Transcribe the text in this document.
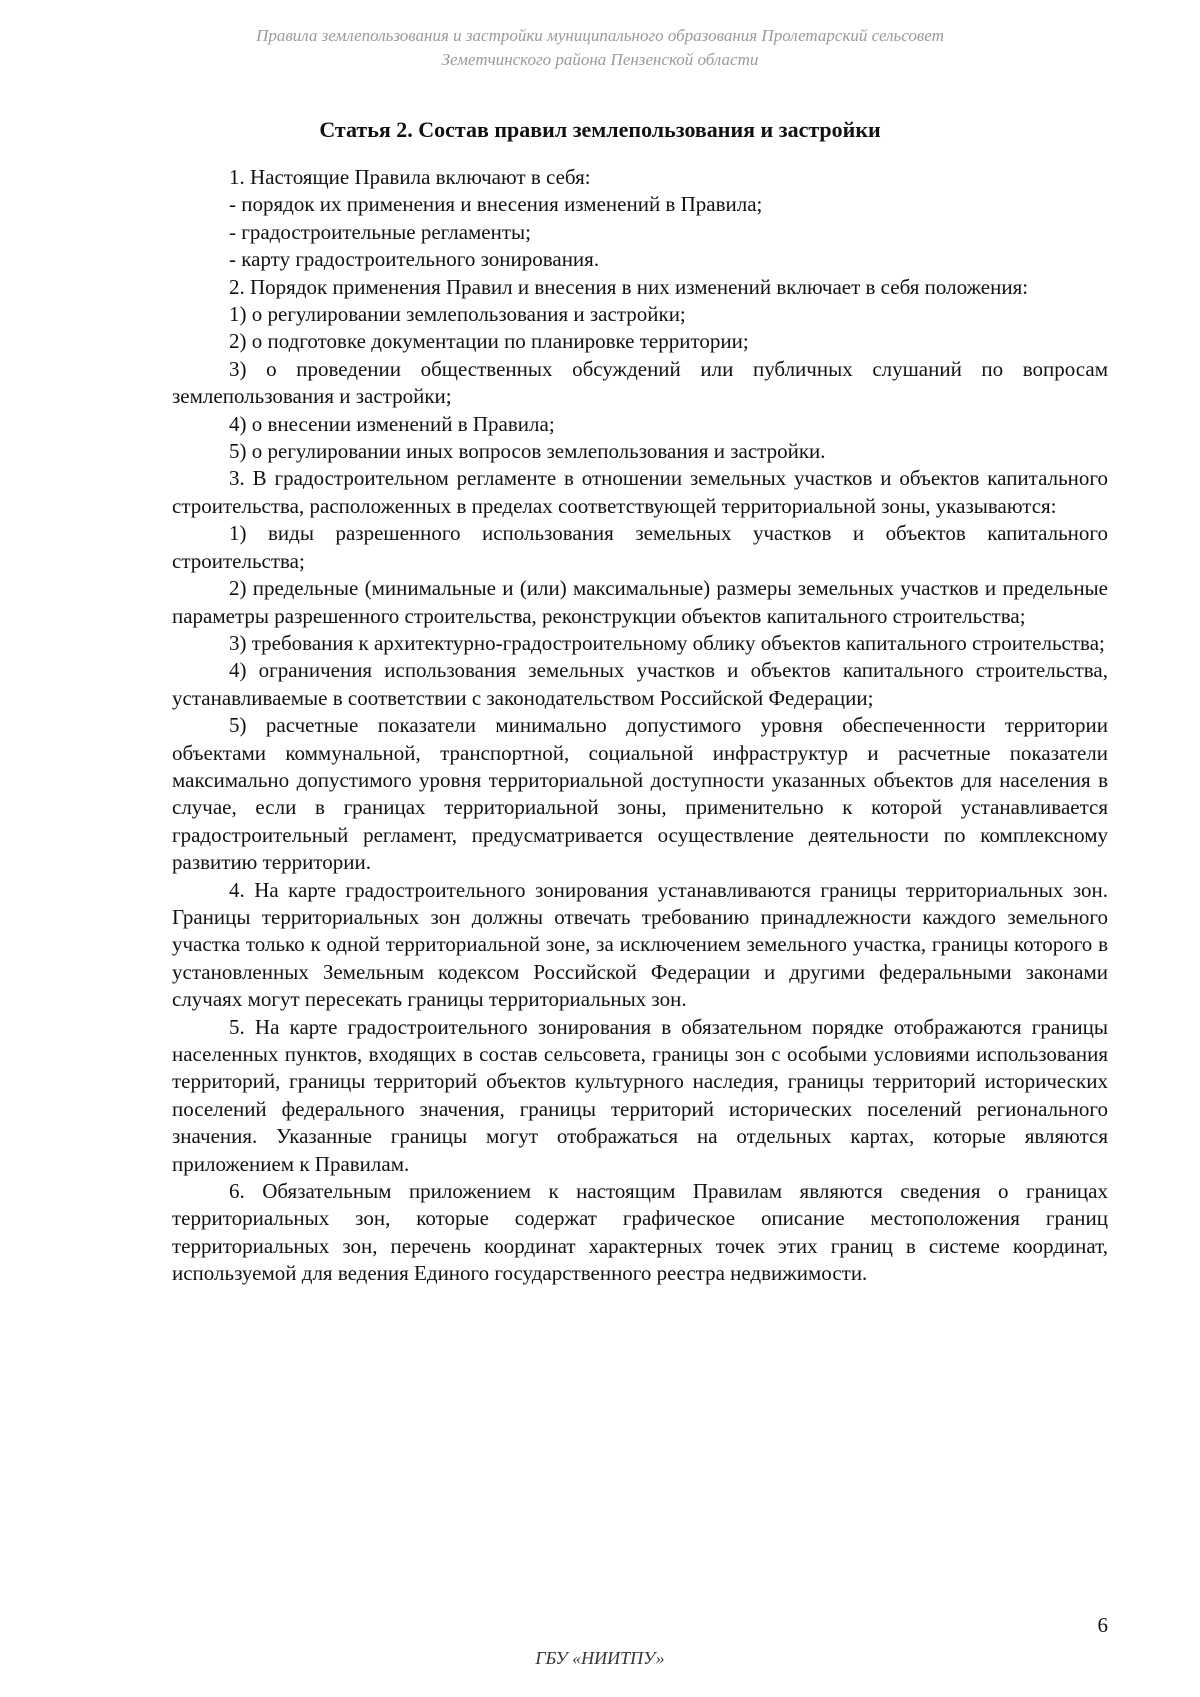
Правила землепользования и застройки муниципального образования Пролетарский сельсовет
Земетчинского района Пензенской области
Статья 2. Состав правил землепользования и застройки

1. Настоящие Правила включают в себя:

- порядок их применения и внесения изменений в Правила;

- градостроительные регламенты;

- карту градостроительного зонирования.

2. Порядок применения Правил и внесения в них изменений включает в себя положения:

1) о регулировании землепользования и застройки;

2) о подготовке документации по планировке территории;

3) о проведении общественных обсуждений или публичных слушаний по вопросам землепользования и застройки;

4) о внесении изменений в Правила;

5) о регулировании иных вопросов землепользования и застройки.

3. В градостроительном регламенте в отношении земельных участков и объектов капитального строительства, расположенных в пределах соответствующей территориальной зоны, указываются:

1) виды разрешенного использования земельных участков и объектов капитального строительства;

2) предельные (минимальные и (или) максимальные) размеры земельных участков и предельные параметры разрешенного строительства, реконструкции объектов капитального строительства;

3) требования к архитектурно-градостроительному облику объектов капитального строительства;

4) ограничения использования земельных участков и объектов капитального строительства, устанавливаемые в соответствии с законодательством Российской Федерации;

5) расчетные показатели минимально допустимого уровня обеспеченности территории объектами коммунальной, транспортной, социальной инфраструктур и расчетные показатели максимально допустимого уровня территориальной доступности указанных объектов для населения в случае, если в границах территориальной зоны, применительно к которой устанавливается градостроительный регламент, предусматривается осуществление деятельности по комплексному развитию территории.

4. На карте градостроительного зонирования устанавливаются границы территориальных зон. Границы территориальных зон должны отвечать требованию принадлежности каждого земельного участка только к одной территориальной зоне, за исключением земельного участка, границы которого в установленных Земельным кодексом Российской Федерации и другими федеральными законами случаях могут пересекать границы территориальных зон.

5. На карте градостроительного зонирования в обязательном порядке отображаются границы населенных пунктов, входящих в состав сельсовета, границы зон с особыми условиями использования территорий, границы территорий объектов культурного наследия, границы территорий исторических поселений федерального значения, границы территорий исторических поселений регионального значения. Указанные границы могут отображаться на отдельных картах, которые являются приложением к Правилам.

6. Обязательным приложением к настоящим Правилам являются сведения о границах территориальных зон, которые содержат графическое описание местоположения границ территориальных зон, перечень координат характерных точек этих границ в системе координат, используемой для ведения Единого государственного реестра недвижимости.

6
ГБУ «НИИТПУ»
